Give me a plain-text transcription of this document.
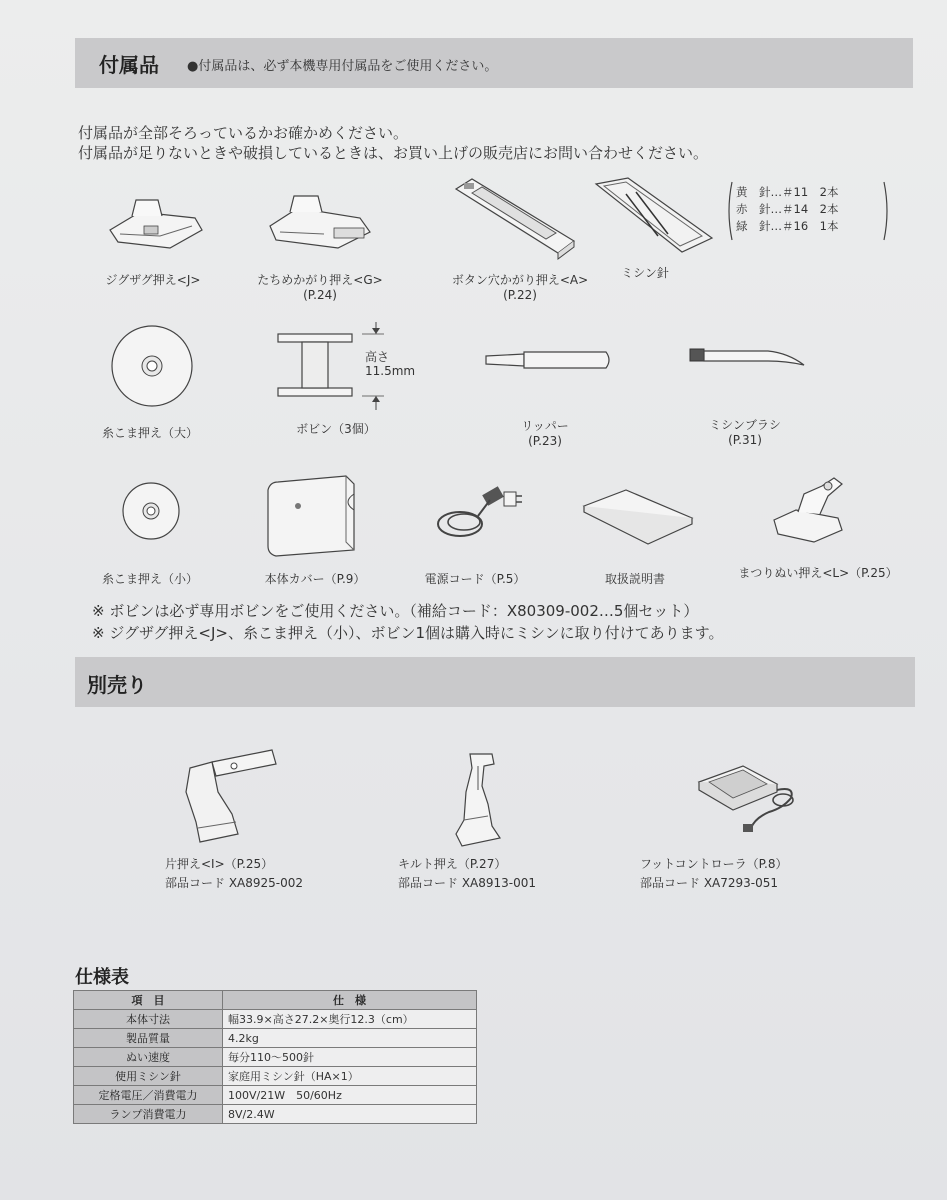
付属品 ●付属品は、必ず本機専用付属品をご使用ください。
付属品が全部そろっているかお確かめください。
付属品が足りないときや破損しているときは、お買い上げの販売店にお問い合わせください。
ジグザグ押え<J>	たちめかがり押え<G>
(P.24)
ボタン穴かがり押え<A>
(P.22)
ミシン針
黄　 針…＃11　 2本
赤　 針…＃14　 2本
緑　 針…＃16　 1本
糸こま押え（大）
高さ
11.5mm
ボビン（3個）	リッパー
(P.23)
ミシンブラシ
(P.31)
糸こま押え（小）	本体カバー（P.9）	電源コード（P.5）	取扱説明書	まつりぬい押え<L>（P.25）
※ ボビンは必ず専用ボビンをご使用ください。（補給コード：X80309-002…5個セット）
※ ジグザグ押え<J>、糸こま押え（小）、ボビン1個は購入時にミシンに取り付けてあります。
別売り
片押え<I>（P.25）
部品コード XA8925-002
キルト押え（P.27）
部品コード XA8913-001
フットコントローラ（P.8）
部品コード XA7293-051
仕様表
項　目	仕　様
本体寸法	幅33.9×高さ27.2×奥行12.3（cm）
製品質量	4.2kg
ぬい速度	毎分110～500針
使用ミシン針	家庭用ミシン針（HA×1）
定格電圧／消費電力	100V/21W　50/60Hz
ランプ消費電力	8V/2.4W
